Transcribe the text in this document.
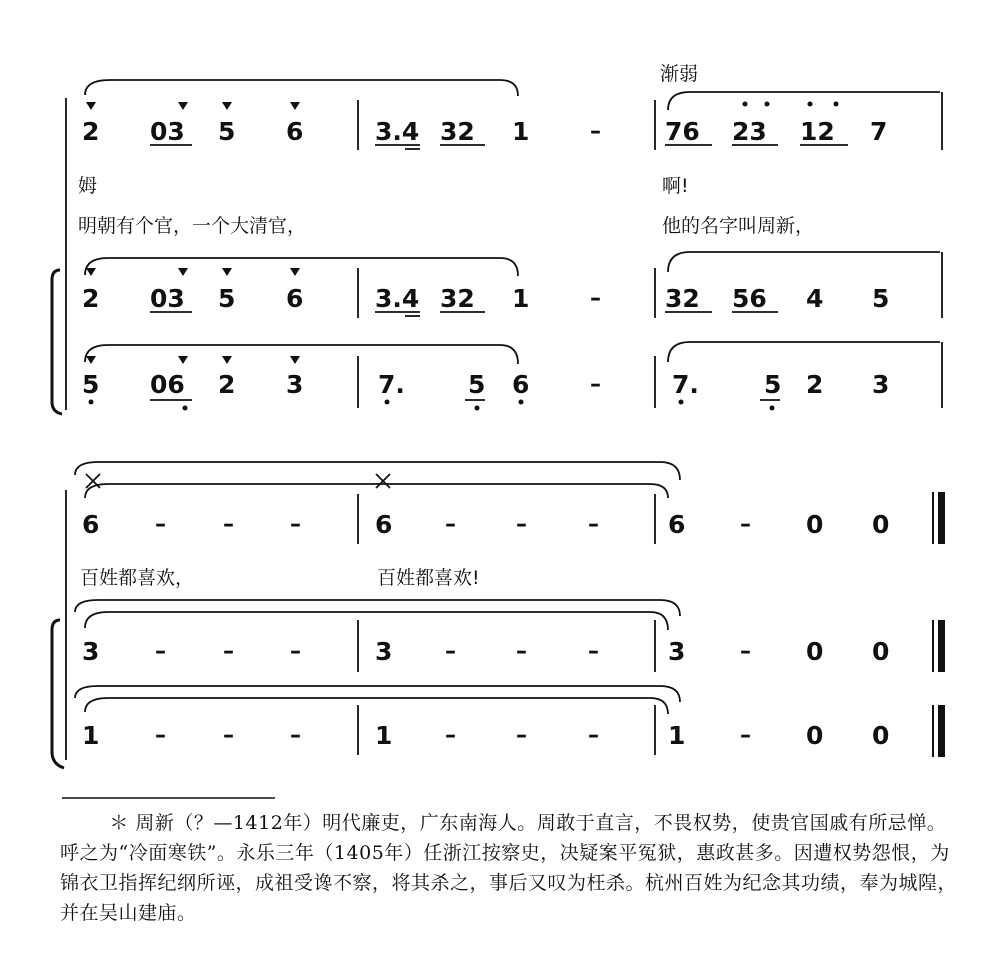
渐弱
2 03 5 6	3.4 32 1	–	76 23 12 7
姆	啊!
明朝有个官，一个大清官，	他的名字叫周新，
2 03 5 6	3.4 32 1	–	32 56 4 5
5 06 2 3	7.	5 6	–	7.	5 2 3
6	–	–	–	6 –	–	–	6 – 0 0
百姓都喜欢，	百姓都喜欢!
3	–	–	–	3 –	–	–	3 – 0 0
1	–	–	–	1 –	–	–	1 – 0 0
＊ 周新（？—1412年）明代廉吏，广东南海人。周敢于直言，不畏权势，使贵官国戚有所忌惮。呼之为“冷面寒铁”。永乐三年（1405年）任浙江按察史，决疑案平冤狱，惠政甚多。因遭权势怨恨，为锦衣卫指挥纪纲所诬，成祖受谗不察，将其杀之，事后又叹为枉杀。杭州百姓为纪念其功绩，奉为城隍，并在吴山建庙。
